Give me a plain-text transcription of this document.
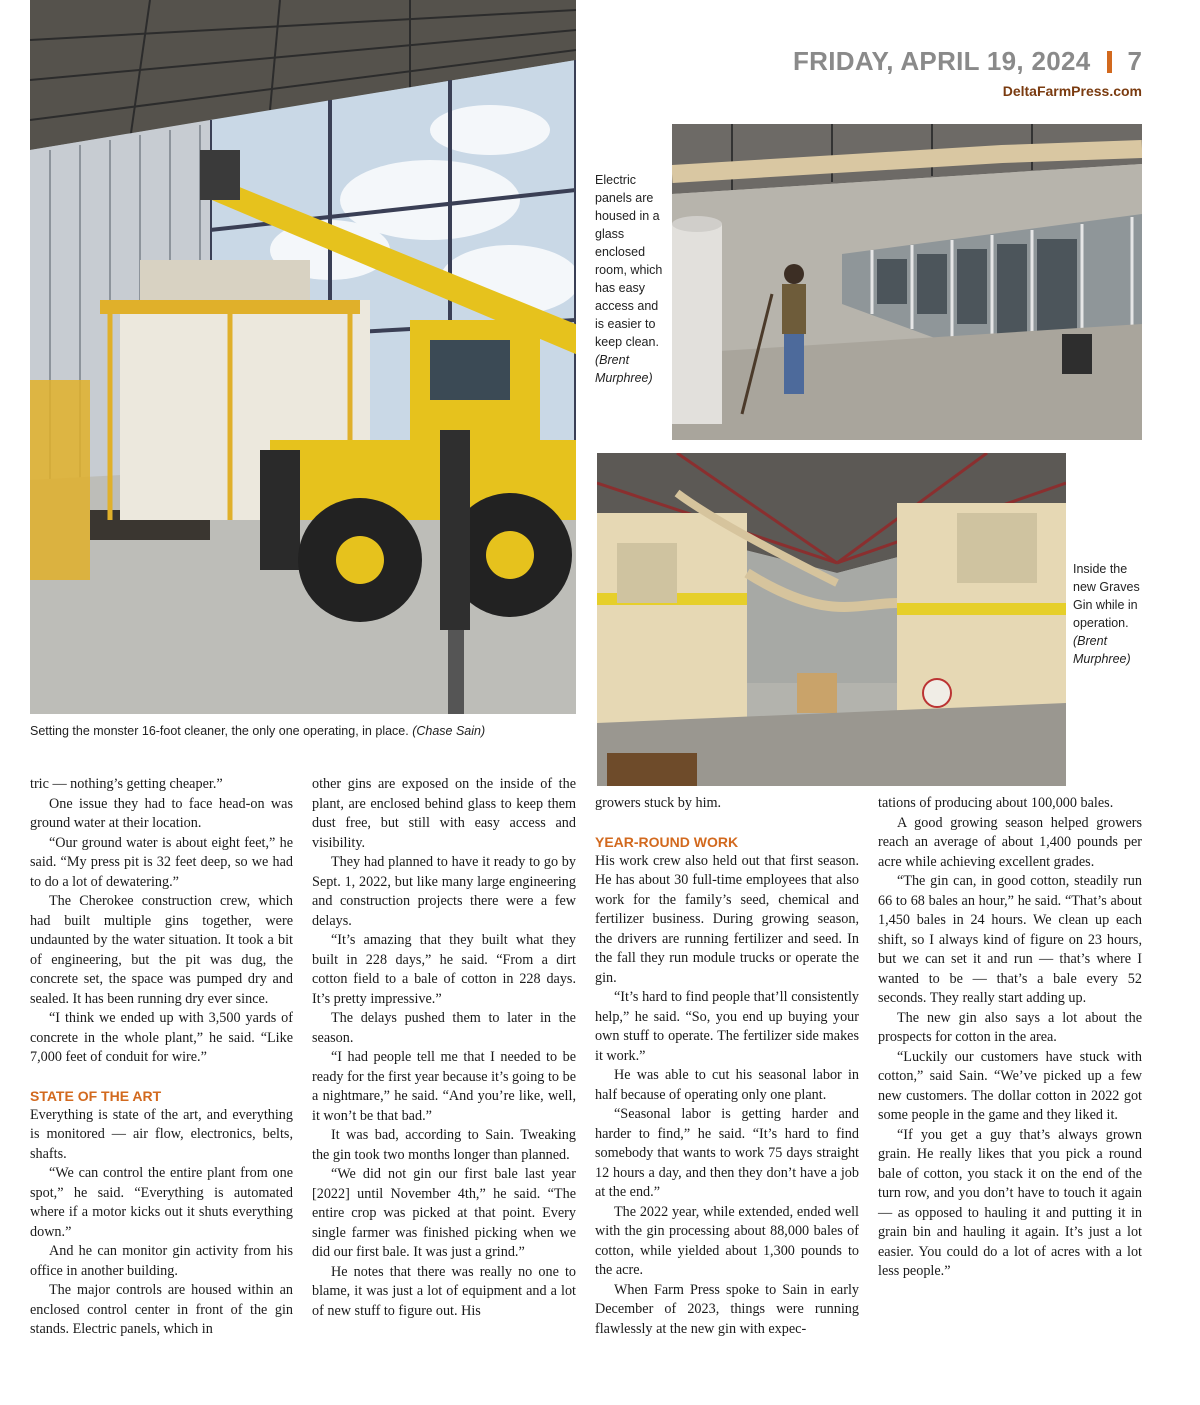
FRIDAY, APRIL 19, 2024 7
DeltaFarmPress.com
Setting the monster 16-foot cleaner, the only one operating, in place. (Chase Sain)
Electric panels are housed in a glass enclosed room, which has easy access and is easier to keep clean. (Brent Murphree)
Inside the new Graves Gin while in operation. (Brent Murphree)

tric — nothing’s getting cheaper.”

One issue they had to face head-on was ground water at their location.

“Our ground water is about eight feet,” he said. “My press pit is 32 feet deep, so we had to do a lot of dewatering.”

The Cherokee construction crew, which had built multiple gins together, were undaunted by the water situation. It took a bit of engineering, but the pit was dug, the concrete set, the space was pumped dry and sealed. It has been running dry ever since.

“I think we ended up with 3,500 yards of concrete in the whole plant,” he said. “Like 7,000 feet of conduit for wire.”

STATE OF THE ART

Everything is state of the art, and everything is monitored — air flow, electronics, belts, shafts.

“We can control the entire plant from one spot,” he said. “Everything is automated where if a motor kicks out it shuts everything down.”

And he can monitor gin activity from his office in another building.

The major controls are housed within an enclosed control center in front of the gin stands. Electric panels, which in

other gins are exposed on the inside of the plant, are enclosed behind glass to keep them dust free, but still with easy access and visibility.

They had planned to have it ready to go by Sept. 1, 2022, but like many large engineering and construction projects there were a few delays.

“It’s amazing that they built what they built in 228 days,” he said. “From a dirt cotton field to a bale of cotton in 228 days. It’s pretty impressive.”

The delays pushed them to later in the season.

“I had people tell me that I needed to be ready for the first year because it’s going to be a nightmare,” he said. “And you’re like, well, it won’t be that bad.”

It was bad, according to Sain. Tweaking the gin took two months longer than planned.

“We did not gin our first bale last year [2022] until November 4th,” he said. “The entire crop was picked at that point. Every single farmer was finished picking when we did our first bale. It was just a grind.”

He notes that there was really no one to blame, it was just a lot of equipment and a lot of new stuff to figure out. His

growers stuck by him.

YEAR-ROUND WORK

His work crew also held out that first season. He has about 30 full-time employees that also work for the family’s seed, chemical and fertilizer business. During growing season, the drivers are running fertilizer and seed. In the fall they run module trucks or operate the gin.

“It’s hard to find people that’ll consistently help,” he said. “So, you end up buying your own stuff to operate. The fertilizer side makes it work.”

He was able to cut his seasonal labor in half because of operating only one plant.

“Seasonal labor is getting harder and harder to find,” he said. “It’s hard to find somebody that wants to work 75 days straight 12 hours a day, and then they don’t have a job at the end.”

The 2022 year, while extended, ended well with the gin processing about 88,000 bales of cotton, while yielded about 1,300 pounds to the acre.

When Farm Press spoke to Sain in early December of 2023, things were running flawlessly at the new gin with expec-

tations of producing about 100,000 bales.

A good growing season helped growers reach an average of about 1,400 pounds per acre while achieving excellent grades.

“The gin can, in good cotton, steadily run 66 to 68 bales an hour,” he said. “That’s about 1,450 bales in 24 hours. We clean up each shift, so I always kind of figure on 23 hours, but we can set it and run — that’s where I wanted to be — that’s a bale every 52 seconds. They really start adding up.

The new gin also says a lot about the prospects for cotton in the area.

“Luckily our customers have stuck with cotton,” said Sain. “We’ve picked up a few new customers. The dollar cotton in 2022 got some people in the game and they liked it.

“If you get a guy that’s always grown grain. He really likes that you pick a round bale of cotton, you stack it on the end of the turn row, and you don’t have to touch it again — as opposed to hauling it and putting it in grain bin and hauling it again. It’s just a lot easier. You could do a lot of acres with a lot less people.”
